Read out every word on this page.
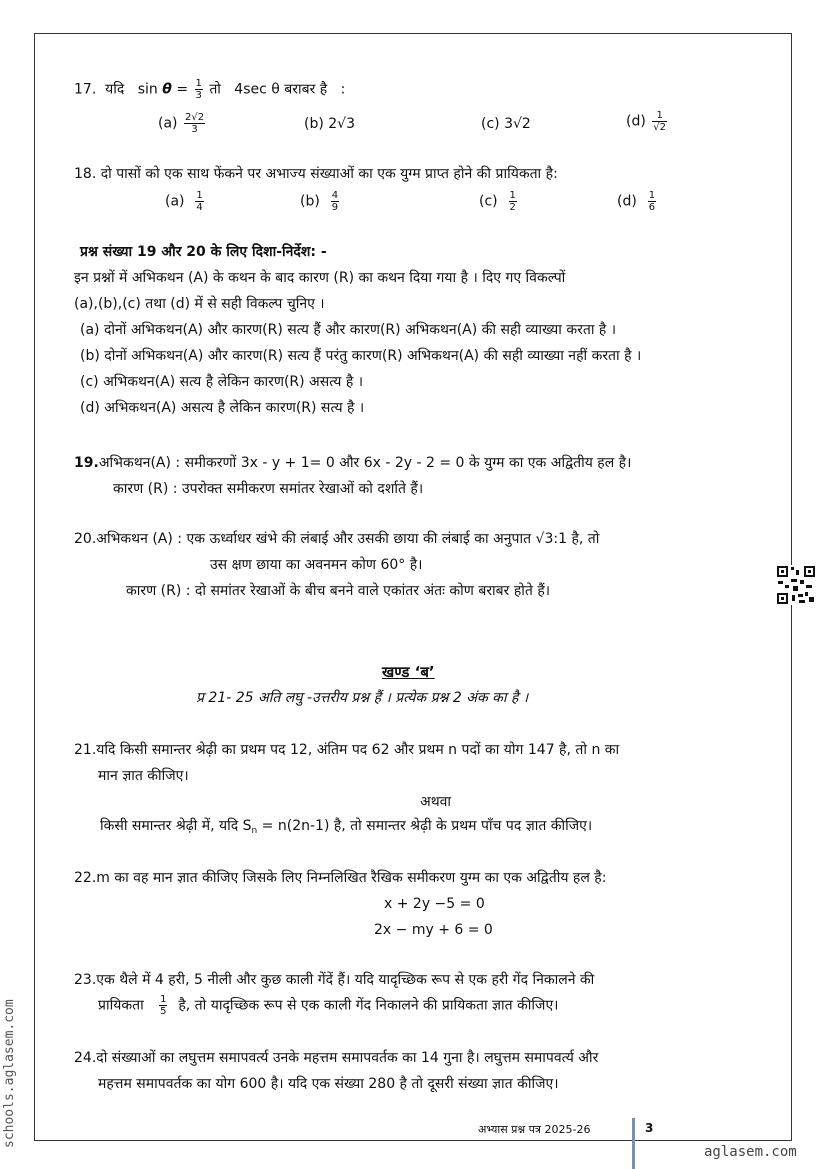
17. यदि $\sin \theta = \frac{1}{3}$ तो 4sec θ बराबर है :
$(a) \frac{2√2}{3}$	(b) 2√3	(c) 3√2	$(d) \frac{1}{√2}$
18. दो पासों को एक साथ फेंकने पर अभाज्य संख्याओं का एक युग्म प्राप्त होने की प्रायिकता है:
$(a) \frac{1}{4}$	$(b) \frac{4}{9}$	$(c) \frac{1}{2}$	$(d) \frac{1}{6}$
प्रश्न संख्या 19 और 20 के लिए दिशा-निर्देश: -
इन प्रश्नों में अभिकथन (A) के कथन के बाद कारण (R) का कथन दिया गया है । दिए गए विकल्पों
(a),(b),(c) तथा (d) में से सही विकल्प चुनिए ।
(a) दोनों अभिकथन(A) और कारण(R) सत्य हैं और कारण(R) अभिकथन(A) की सही व्याख्या करता है ।
(b) दोनों अभिकथन(A) और कारण(R) सत्य हैं परंतु कारण(R) अभिकथन(A) की सही व्याख्या नहीं करता है ।
(c) अभिकथन(A) सत्य है लेकिन कारण(R) असत्य है ।
(d) अभिकथन(A) असत्य है लेकिन कारण(R) सत्य है ।
19.अभिकथन(A) : समीकरणों 3x - y + 1= 0 और 6x - 2y - 2 = 0 के युग्म का एक अद्वितीय हल है।
कारण (R) : उपरोक्त समीकरण समांतर रेखाओं को दर्शाते हैं।
20.अभिकथन (A) : एक ऊर्ध्वाधर खंभे की लंबाई और उसकी छाया की लंबाई का अनुपात √3:1 है, तो
उस क्षण छाया का अवनमन कोण 60° है।
कारण (R) : दो समांतर रेखाओं के बीच बनने वाले एकांतर अंतः कोण बराबर होते हैं।
खण्ड ‘ब’
प्र 21- 25 अति लघु -उत्तरीय प्रश्न हैं । प्रत्येक प्रश्न 2 अंक का है ।
21.यदि किसी समान्तर श्रेढ़ी का प्रथम पद 12, अंतिम पद 62 और प्रथम n पदों का योग 147 है, तो n का
मान ज्ञात कीजिए।
अथवा
किसी समान्तर श्रेढ़ी में, यदि $S_n = n(2n-1)$ है, तो समान्तर श्रेढ़ी के प्रथम पाँच पद ज्ञात कीजिए।
22.m का वह मान ज्ञात कीजिए जिसके लिए निम्नलिखित रैखिक समीकरण युग्म का एक अद्वितीय हल है:
x + 2y −5 = 0
2x − my + 6 = 0
23.एक थैले में 4 हरी, 5 नीली और कुछ काली गेंदें हैं। यदि यादृच्छिक रूप से एक हरी गेंद निकालने की
प्रायिकता $\frac{1}{5}$ है, तो यादृच्छिक रूप से एक काली गेंद निकालने की प्रायिकता ज्ञात कीजिए।
24.दो संख्याओं का लघुत्तम समापवर्त्य उनके महत्तम समापवर्तक का 14 गुना है। लघुत्तम समापवर्त्य और
महत्तम समापवर्तक का योग 600 है। यदि एक संख्या 280 है तो दूसरी संख्या ज्ञात कीजिए।
अभ्यास प्रश्न पत्र 2025-26	3
aglasem.com
schools.aglasem.com
